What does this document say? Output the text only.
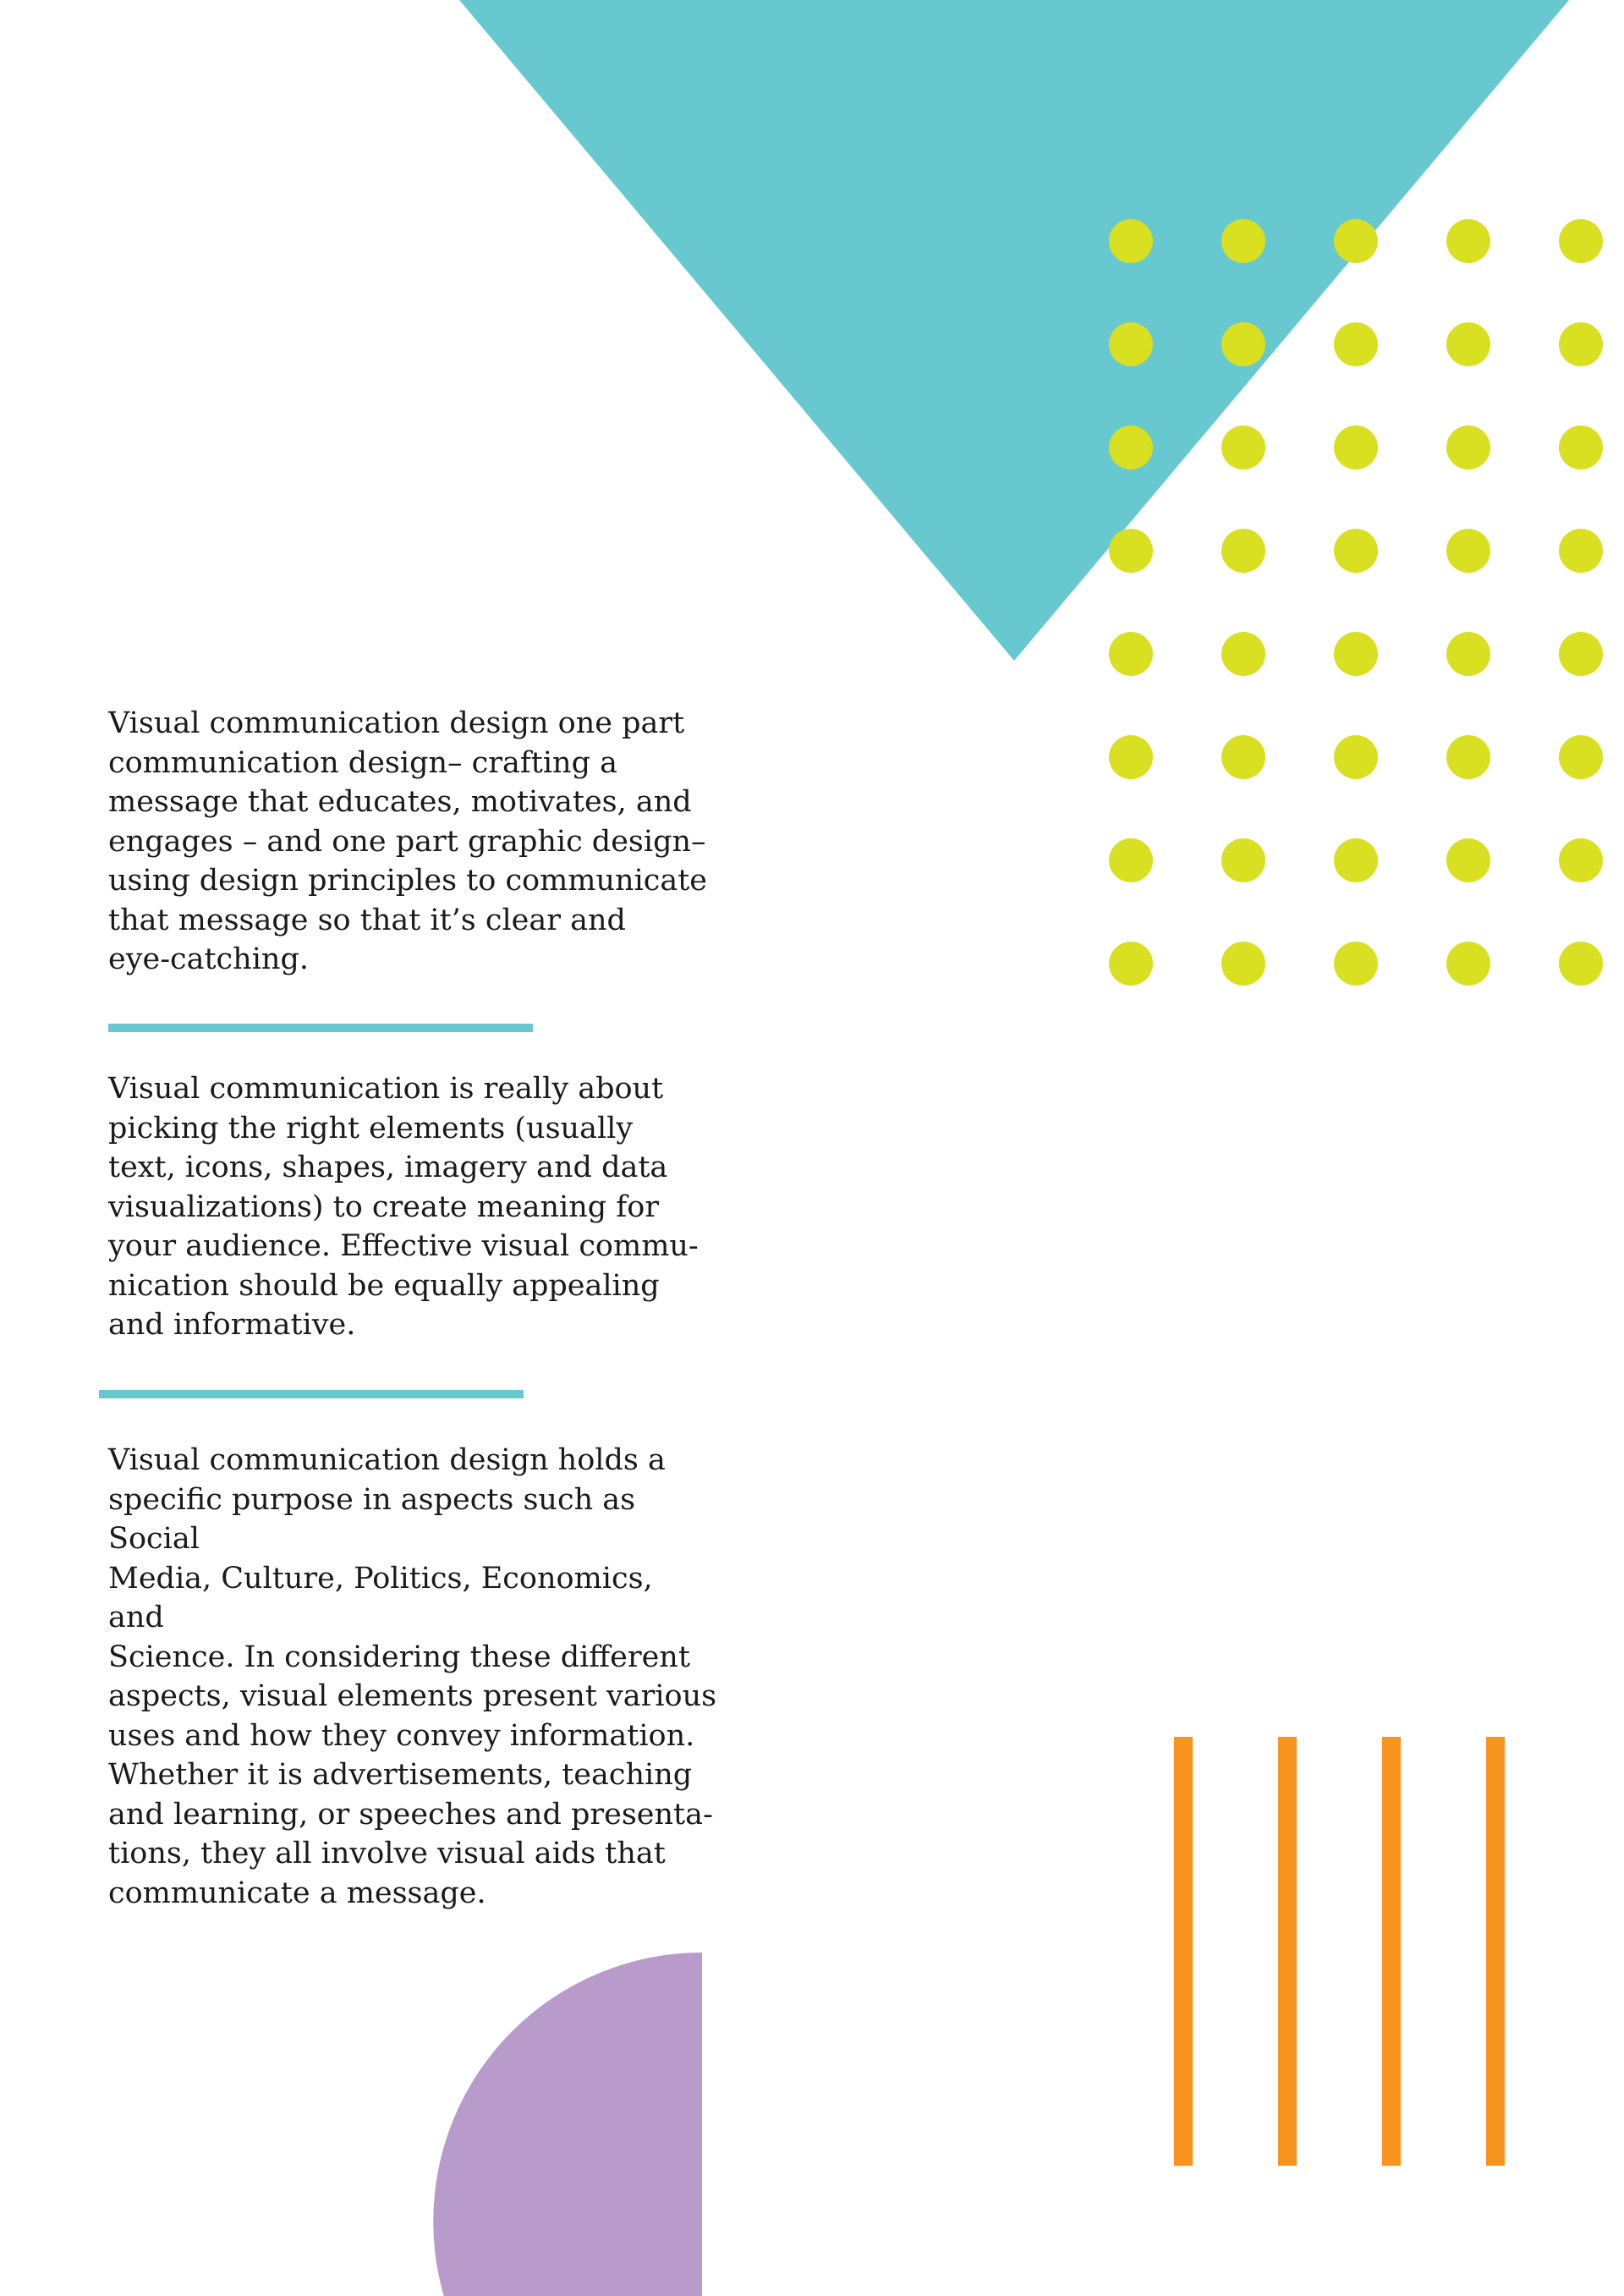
Visual communication design one part
communication design– crafting a
message that educates, motivates, and
engages – and one part graphic design–
using design principles to communicate
that message so that it’s clear and
eye-catching.

Visual communication is really about
picking the right elements (usually
text, icons, shapes, imagery and data
visualizations) to create meaning for
your audience. Effective visual commu-
nication should be equally appealing
and informative.

Visual communication design holds a
specific purpose in aspects such as Social
Media, Culture, Politics, Economics, and
Science. In considering these different
aspects, visual elements present various
uses and how they convey information.
Whether it is advertisements, teaching
and learning, or speeches and presenta-
tions, they all involve visual aids that
communicate a message.
